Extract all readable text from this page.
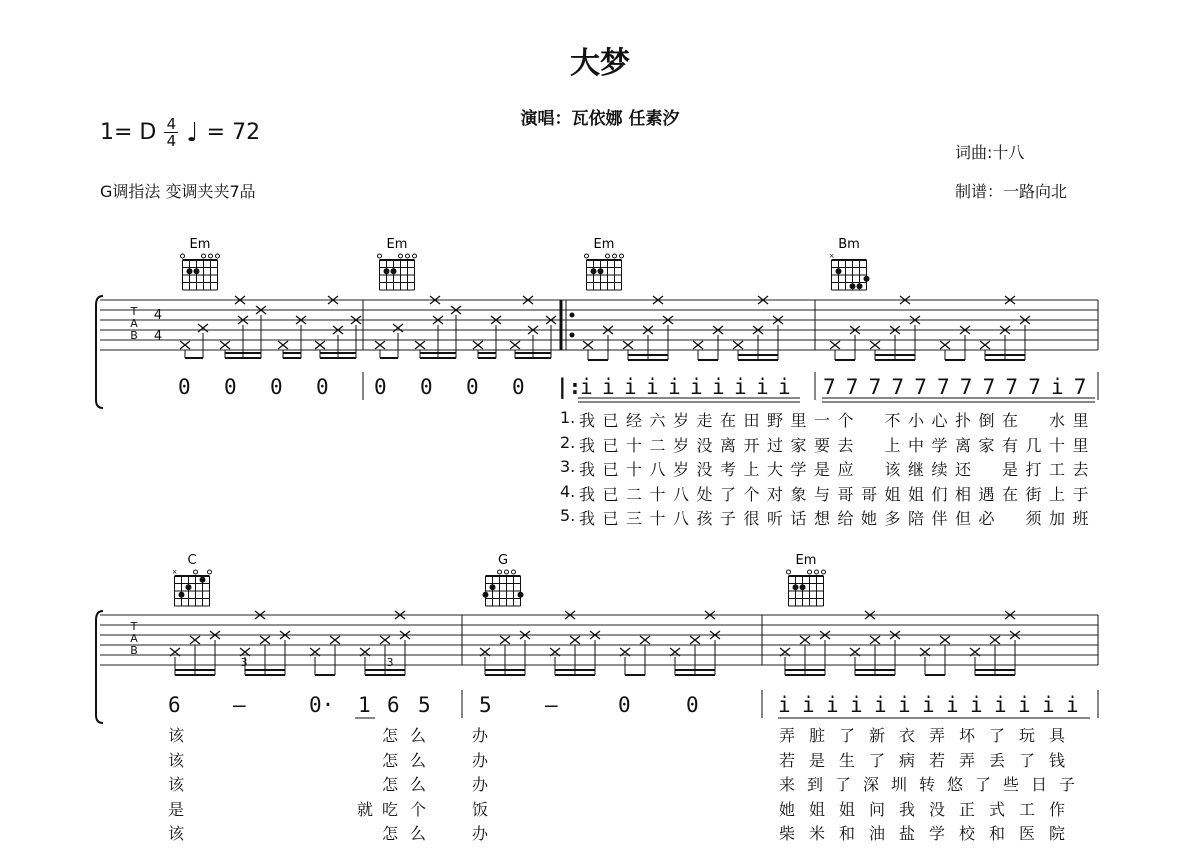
大梦
演唱：瓦依娜 任素汐
1= D $\frac{4}{4}$ ♩ = 72
G调指法 变调夹夹7品
词曲:十八
制谱：一路向北
Em	Em	Em	Bm
×
C
×
G	Em
T
A
B
T
A
B
4
4
3	3
0 0 0 0 0 0 0 0 |:
i i i i i i i i i i 7 7 7 7 7 7 7 7 7 7 i 7
1.
2.
3.
4.
5.
我 已 经 六 岁 走 在 田 野 里 一 个 不 小 心 扑 倒 在 水 里
我 已 十 二 岁 没 离 开 过 家 要 去 上 中 学 离 家 有 几 十 里
我 已 十 八 岁 没 考 上 大 学 是 应 该 继 续 还 是 打 工 去
我 已 二 十 八 处 了 个 对 象 与 哥 哥 姐 姐 们 相 遇 在 街 上 于
我 已 三 十 八 孩 子 很 听 话 想 给 她 多 陪 伴 但 必 须 加 班
6 –	0· 1 6 5 5	–	0	0	i i i i i i i i i i i i i
该	怎 么	办
该	怎 么	办
该	怎 么	办
是	就 吃 个	饭
该	怎 么	办
弄 脏 了 新 衣 弄 坏 了 玩 具
若 是 生 了 病 若 弄 丢 了 钱
来 到 了 深 圳 转 悠 了 些 日 子
她 姐 姐 问 我 没 正 式 工 作
柴 米 和 油 盐 学 校 和 医 院
